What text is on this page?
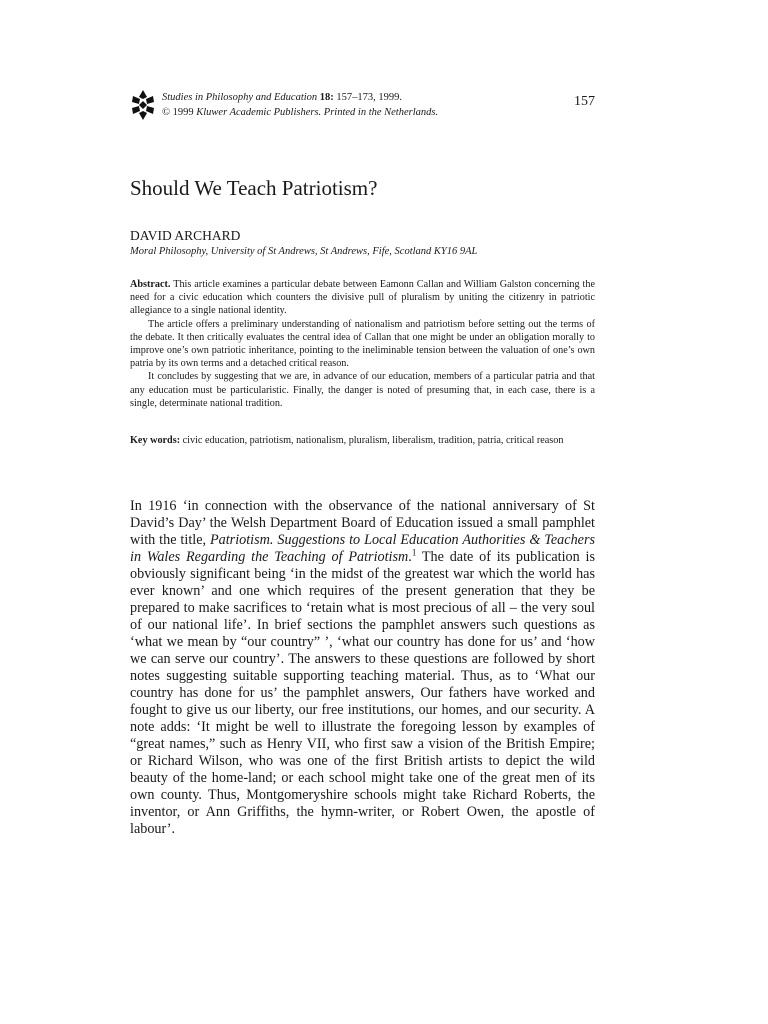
Studies in Philosophy and Education 18: 157–173, 1999.
© 1999 Kluwer Academic Publishers. Printed in the Netherlands.
157
Should We Teach Patriotism?
DAVID ARCHARD
Moral Philosophy, University of St Andrews, St Andrews, Fife, Scotland KY16 9AL

Abstract. This article examines a particular debate between Eamonn Callan and William Galston concerning the need for a civic education which counters the divisive pull of pluralism by uniting the citizenry in patriotic allegiance to a single national identity.

The article offers a preliminary understanding of nationalism and patriotism before setting out the terms of the debate. It then critically evaluates the central idea of Callan that one might be under an obligation morally to improve one’s own patriotic inheritance, pointing to the ineliminable tension between the valuation of one’s own patria by its own terms and a detached critical reason.

It concludes by suggesting that we are, in advance of our education, members of a particular patria and that any education must be particularistic. Finally, the danger is noted of presuming that, in each case, there is a single, determinate national tradition.

Key words: civic education, patriotism, nationalism, pluralism, liberalism, tradition, patria, critical reason

In 1916 ‘in connection with the observance of the national anniversary of St David’s Day’ the Welsh Department Board of Education issued a small pamphlet with the title, Patriotism. Suggestions to Local Education Authorities & Teachers in Wales Regarding the Teaching of Patriotism.$^1$ The date of its publication is obviously significant being ‘in the midst of the greatest war which the world has ever known’ and one which requires of the present generation that they be prepared to make sacrifices to ‘retain what is most precious of all – the very soul of our national life’. In brief sections the pamphlet answers such questions as ‘what we mean by “our country” ’, ‘what our country has done for us’ and ‘how we can serve our country’. The answers to these questions are followed by short notes suggesting suitable supporting teaching material. Thus, as to ‘What our country has done for us’ the pamphlet answers, Our fathers have worked and fought to give us our liberty, our free institutions, our homes, and our security. A note adds: ‘It might be well to illustrate the foregoing lesson by examples of “great names,” such as Henry VII, who first saw a vision of the British Empire; or Richard Wilson, who was one of the first British artists to depict the wild beauty of the home-land; or each school might take one of the great men of its own county. Thus, Montgomeryshire schools might take Richard Roberts, the inventor, or Ann Griffiths, the hymn-writer, or Robert Owen, the apostle of labour’.
